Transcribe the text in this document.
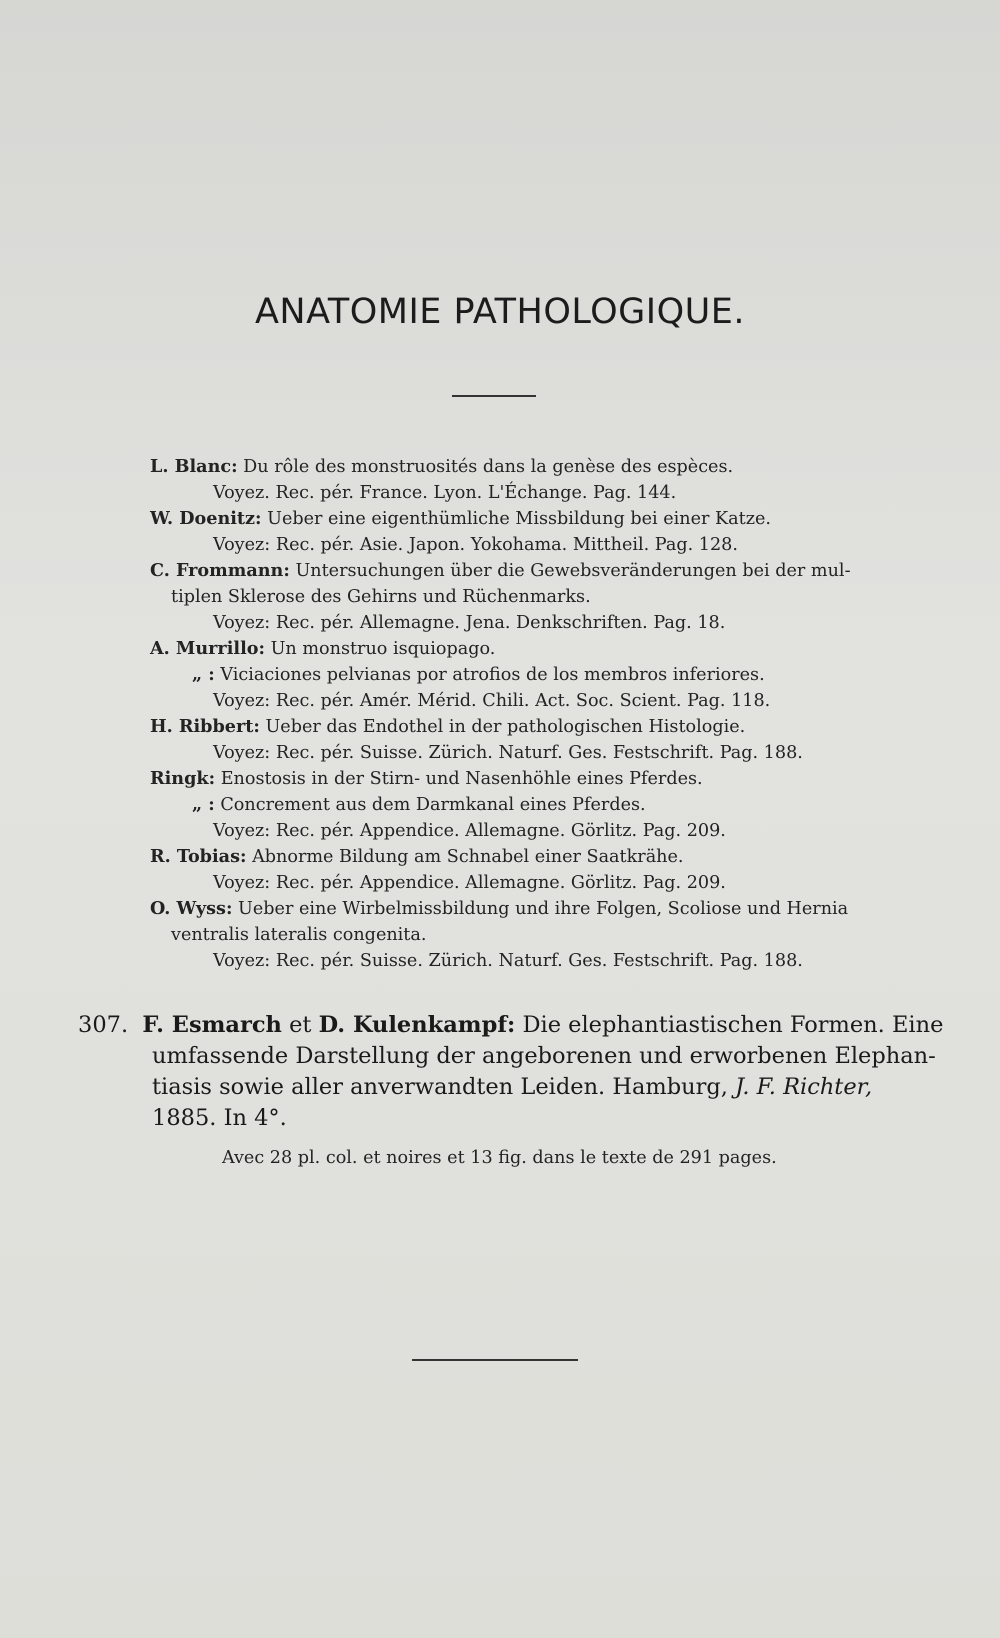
ANATOMIE PATHOLOGIQUE.
L. Blanc: Du rôle des monstruosités dans la genèse des espèces.
Voyez. Rec. pér. France. Lyon. L'Échange. Pag. 144.
W. Doenitz: Ueber eine eigenthümliche Missbildung bei einer Katze.
Voyez: Rec. pér. Asie. Japon. Yokohama. Mittheil. Pag. 128.
C. Frommann: Untersuchungen über die Gewebsveränderungen bei der mul-
tiplen Sklerose des Gehirns und Rüchenmarks.
Voyez: Rec. pér. Allemagne. Jena. Denkschriften. Pag. 18.
A. Murrillo: Un monstruo isquiopago.
„ : Viciaciones pelvianas por atrofios de los membros inferiores.
Voyez: Rec. pér. Amér. Mérid. Chili. Act. Soc. Scient. Pag. 118.
H. Ribbert: Ueber das Endothel in der pathologischen Histologie.
Voyez: Rec. pér. Suisse. Zürich. Naturf. Ges. Festschrift. Pag. 188.
Ringk: Enostosis in der Stirn- und Nasenhöhle eines Pferdes.
„ : Concrement aus dem Darmkanal eines Pferdes.
Voyez: Rec. pér. Appendice. Allemagne. Görlitz. Pag. 209.
R. Tobias: Abnorme Bildung am Schnabel einer Saatkrähe.
Voyez: Rec. pér. Appendice. Allemagne. Görlitz. Pag. 209.
O. Wyss: Ueber eine Wirbelmissbildung und ihre Folgen, Scoliose und Hernia
ventralis lateralis congenita.
Voyez: Rec. pér. Suisse. Zürich. Naturf. Ges. Festschrift. Pag. 188.
307. F. Esmarch et D. Kulenkampf: Die elephantiastischen Formen. Eine
umfassende Darstellung der angeborenen und erworbenen Elephan-
tiasis sowie aller anverwandten Leiden. Hamburg, J. F. Richter,
1885. In 4°.
Avec 28 pl. col. et noires et 13 fig. dans le texte de 291 pages.
